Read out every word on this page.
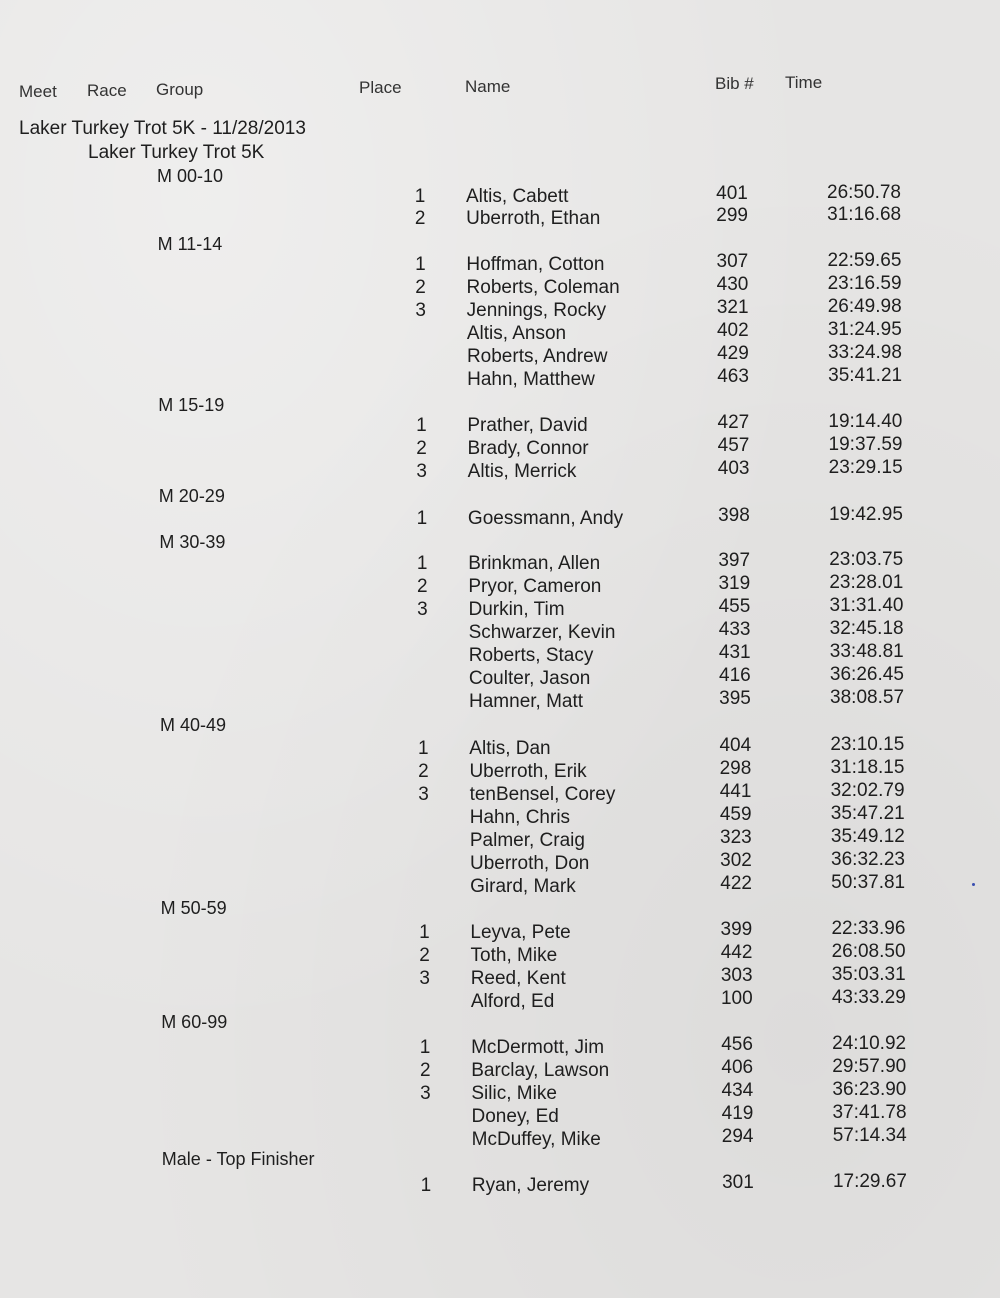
Meet Race Group	Place	Name	Bib # Time
Laker Turkey Trot 5K - 11/28/2013
Laker Turkey Trot 5K
M 00-10
1 Altis, Cabett	401	26:50.78
2 Uberroth, Ethan	299	31:16.68
M 11-14
1 Hoffman, Cotton	307	22:59.65
2 Roberts, Coleman	430	23:16.59
3 Jennings, Rocky	321	26:49.98
Altis, Anson	402	31:24.95
Roberts, Andrew	429	33:24.98
Hahn, Matthew	463	35:41.21
M 15-19
1 Prather, David	427	19:14.40
2 Brady, Connor	457	19:37.59
3 Altis, Merrick	403	23:29.15
M 20-29
1 Goessmann, Andy	398	19:42.95
M 30-39
1 Brinkman, Allen	397	23:03.75
2 Pryor, Cameron	319	23:28.01
3 Durkin, Tim	455	31:31.40
Schwarzer, Kevin	433	32:45.18
Roberts, Stacy	431	33:48.81
Coulter, Jason	416	36:26.45
Hamner, Matt	395	38:08.57
M 40-49
1 Altis, Dan	404	23:10.15
2 Uberroth, Erik	298	31:18.15
3 tenBensel, Corey	441	32:02.79
Hahn, Chris	459	35:47.21
Palmer, Craig	323	35:49.12
Uberroth, Don	302	36:32.23
Girard, Mark	422	50:37.81
M 50-59
1 Leyva, Pete	399	22:33.96
2 Toth, Mike	442	26:08.50
3 Reed, Kent	303	35:03.31
Alford, Ed	100	43:33.29
M 60-99
1 McDermott, Jim	456	24:10.92
2 Barclay, Lawson	406	29:57.90
3 Silic, Mike	434	36:23.90
Doney, Ed	419	37:41.78
McDuffey, Mike	294	57:14.34
Male - Top Finisher
1 Ryan, Jeremy	301	17:29.67
